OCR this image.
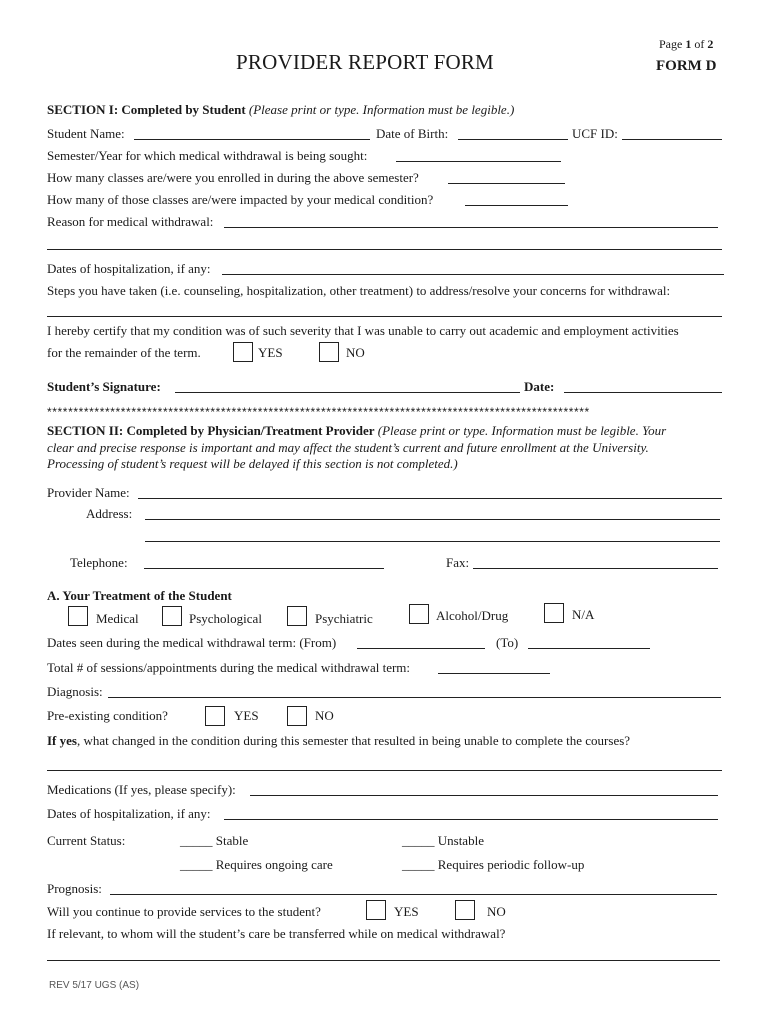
PROVIDER REPORT FORM
Page 1 of 2
FORM D
SECTION I: Completed by Student (Please print or type. Information must be legible.)
Student Name:	Date of Birth:	UCF ID:
Semester/Year for which medical withdrawal is being sought:
How many classes are/were you enrolled in during the above semester?
How many of those classes are/were impacted by your medical condition?
Reason for medical withdrawal:
Dates of hospitalization, if any:
Steps you have taken (i.e. counseling, hospitalization, other treatment) to address/resolve your concerns for withdrawal:
I hereby certify that my condition was of such severity that I was unable to carry out academic and employment activities
for the remainder of the term.	YES	NO
Student’s Signature:	Date:
*******************************************************************************************************
SECTION II: Completed by Physician/Treatment Provider (Please print or type. Information must be legible. Your
clear and precise response is important and may affect the student’s current and future enrollment at the University.
Processing of student’s request will be delayed if this section is not completed.)
Provider Name:
Address:
Telephone:	Fax:
A. Your Treatment of the Student
Medical	Psychological	Psychiatric	Alcohol/Drug	N/A
Dates seen during the medical withdrawal term: (From)	(To)
Total # of sessions/appointments during the medical withdrawal term:
Diagnosis:
Pre-existing condition?	YES	NO
If yes, what changed in the condition during this semester that resulted in being unable to complete the courses?
Medications (If yes, please specify):
Dates of hospitalization, if any:
Current Status:	_____ Stable	_____ Unstable
_____ Requires ongoing care	_____ Requires periodic follow-up
Prognosis:
Will you continue to provide services to the student?	YES	NO
If relevant, to whom will the student’s care be transferred while on medical withdrawal?
REV 5/17 UGS (AS)
